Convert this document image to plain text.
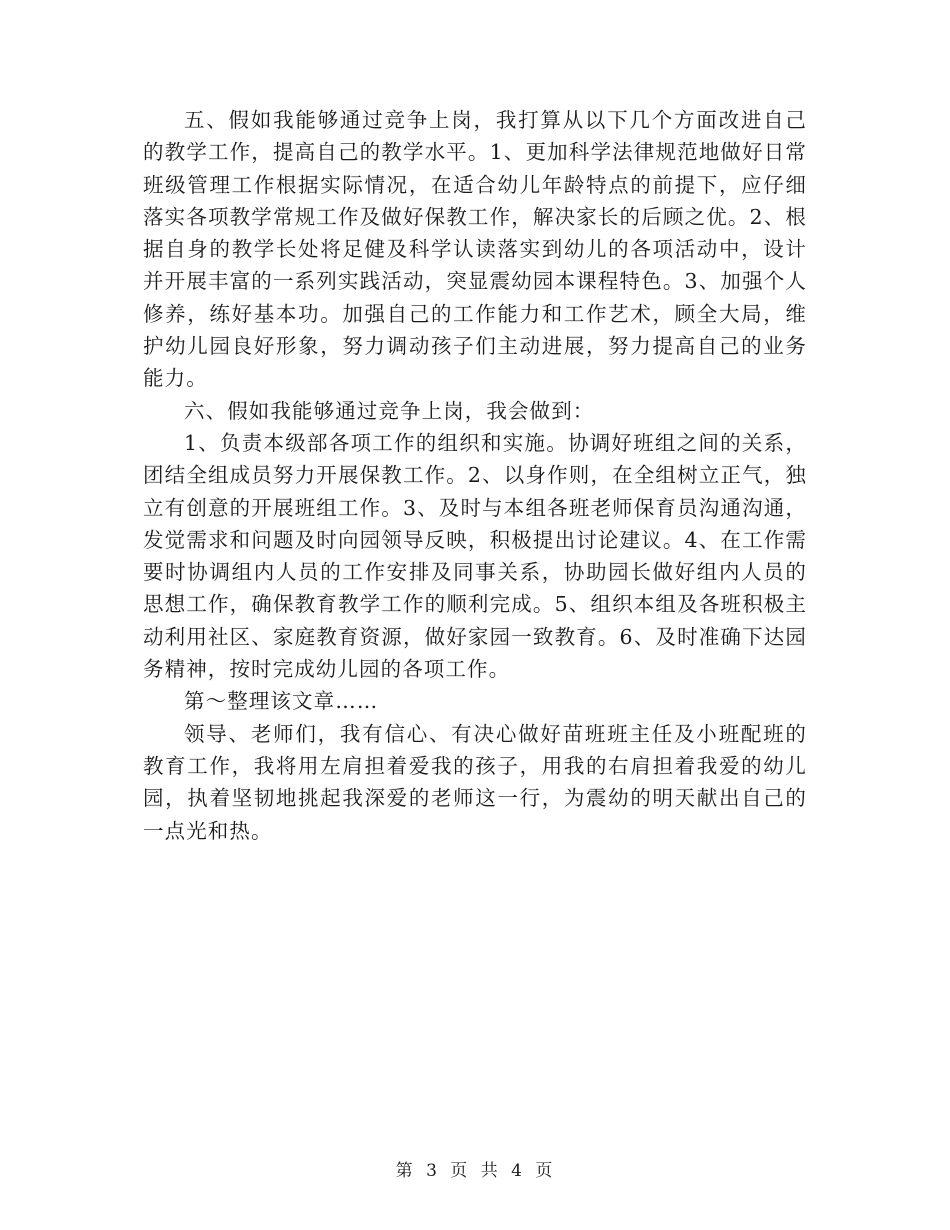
五、假如我能够通过竞争上岗，我打算从以下几个方面改进自己的教学工作，提高自己的教学水平。1、更加科学法律规范地做好日常班级管理工作根据实际情况，在适合幼儿年龄特点的前提下，应仔细落实各项教学常规工作及做好保教工作，解决家长的后顾之优。2、根据自身的教学长处将足健及科学认读落实到幼儿的各项活动中，设计并开展丰富的一系列实践活动，突显震幼园本课程特色。3、加强个人修养，练好基本功。加强自己的工作能力和工作艺术，顾全大局，维护幼儿园良好形象，努力调动孩子们主动进展，努力提高自己的业务能力。

六、假如我能够通过竞争上岗，我会做到：

1、负责本级部各项工作的组织和实施。协调好班组之间的关系，团结全组成员努力开展保教工作。2、以身作则，在全组树立正气，独立有创意的开展班组工作。3、及时与本组各班老师保育员沟通沟通，发觉需求和问题及时向园领导反映，积极提出讨论建议。4、在工作需要时协调组内人员的工作安排及同事关系，协助园长做好组内人员的思想工作，确保教育教学工作的顺利完成。5、组织本组及各班积极主动利用社区、家庭教育资源，做好家园一致教育。6、及时准确下达园务精神，按时完成幼儿园的各项工作。

第～整理该文章……

领导、老师们，我有信心、有决心做好苗班班主任及小班配班的教育工作，我将用左肩担着爱我的孩子，用我的右肩担着我爱的幼儿园，执着坚韧地挑起我深爱的老师这一行，为震幼的明天献出自己的一点光和热。

第 3 页 共 4 页
